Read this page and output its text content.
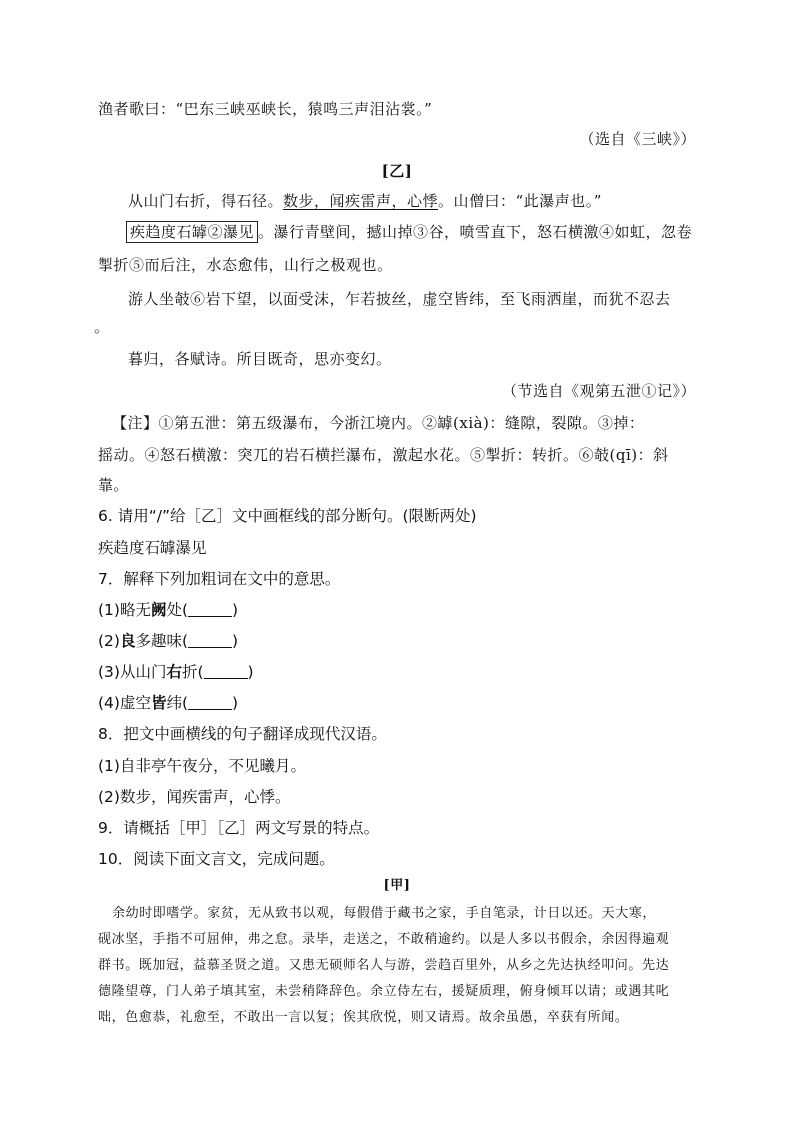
渔者歌曰：“巴东三峡巫峡长，猿鸣三声泪沾裳。”
（选自《三峡》）
[乙]
从山门右折，得石径。数步，闻疾雷声，心悸。山僧曰：“此瀑声也。”
疾趋度石罅②瀑见 。瀑行青壁间，撼山掉③谷，喷雪直下，怒石横激④如虹，忽卷
掣折⑤而后注，水态愈伟，山行之极观也。
游人坐攲⑥岩下望，以面受沫，乍若披丝，虚空皆纬，至飞雨洒崖，而犹不忍去
。
暮归，各赋诗。所目既奇，思亦变幻。
（节选自《观第五泄①记》）
【注】①第五泄：第五级瀑布，今浙江境内。②罅(xià)：缝隙，裂隙。③掉：
摇动。④怒石横激：突兀的岩石横拦瀑布，激起水花。⑤掣折：转折。⑥攲(qī)：斜
靠。
6. 请用“/”给［乙］文中画框线的部分断句。(限断两处)
疾趋度石罅瀑见
7．解释下列加粗词在文中的意思。
(1)略无阙处(	)
(2)良多趣味(	)
(3)从山门右折(	)
(4)虚空皆纬(	)
8．把文中画横线的句子翻译成现代汉语。
(1)自非亭午夜分，不见曦月。
(2)数步，闻疾雷声，心悸。
9．请概括［甲］［乙］两文写景的特点。
10．阅读下面文言文，完成问题。
[甲]
余幼时即嗜学。家贫，无从致书以观，每假借于藏书之家，手自笔录，计日以还。天大寒，
砚冰坚，手指不可屈伸，弗之怠。录毕，走送之，不敢稍逾约。以是人多以书假余，余因得遍观
群书。既加冠，益慕圣贤之道。又患无硕师名人与游，尝趋百里外，从乡之先达执经叩问。先达
德隆望尊，门人弟子填其室，未尝稍降辞色。余立侍左右，援疑质理，俯身倾耳以请；或遇其叱
咄，色愈恭，礼愈至，不敢出一言以复；俟其欣悦，则又请焉。故余虽愚，卒获有所闻。
